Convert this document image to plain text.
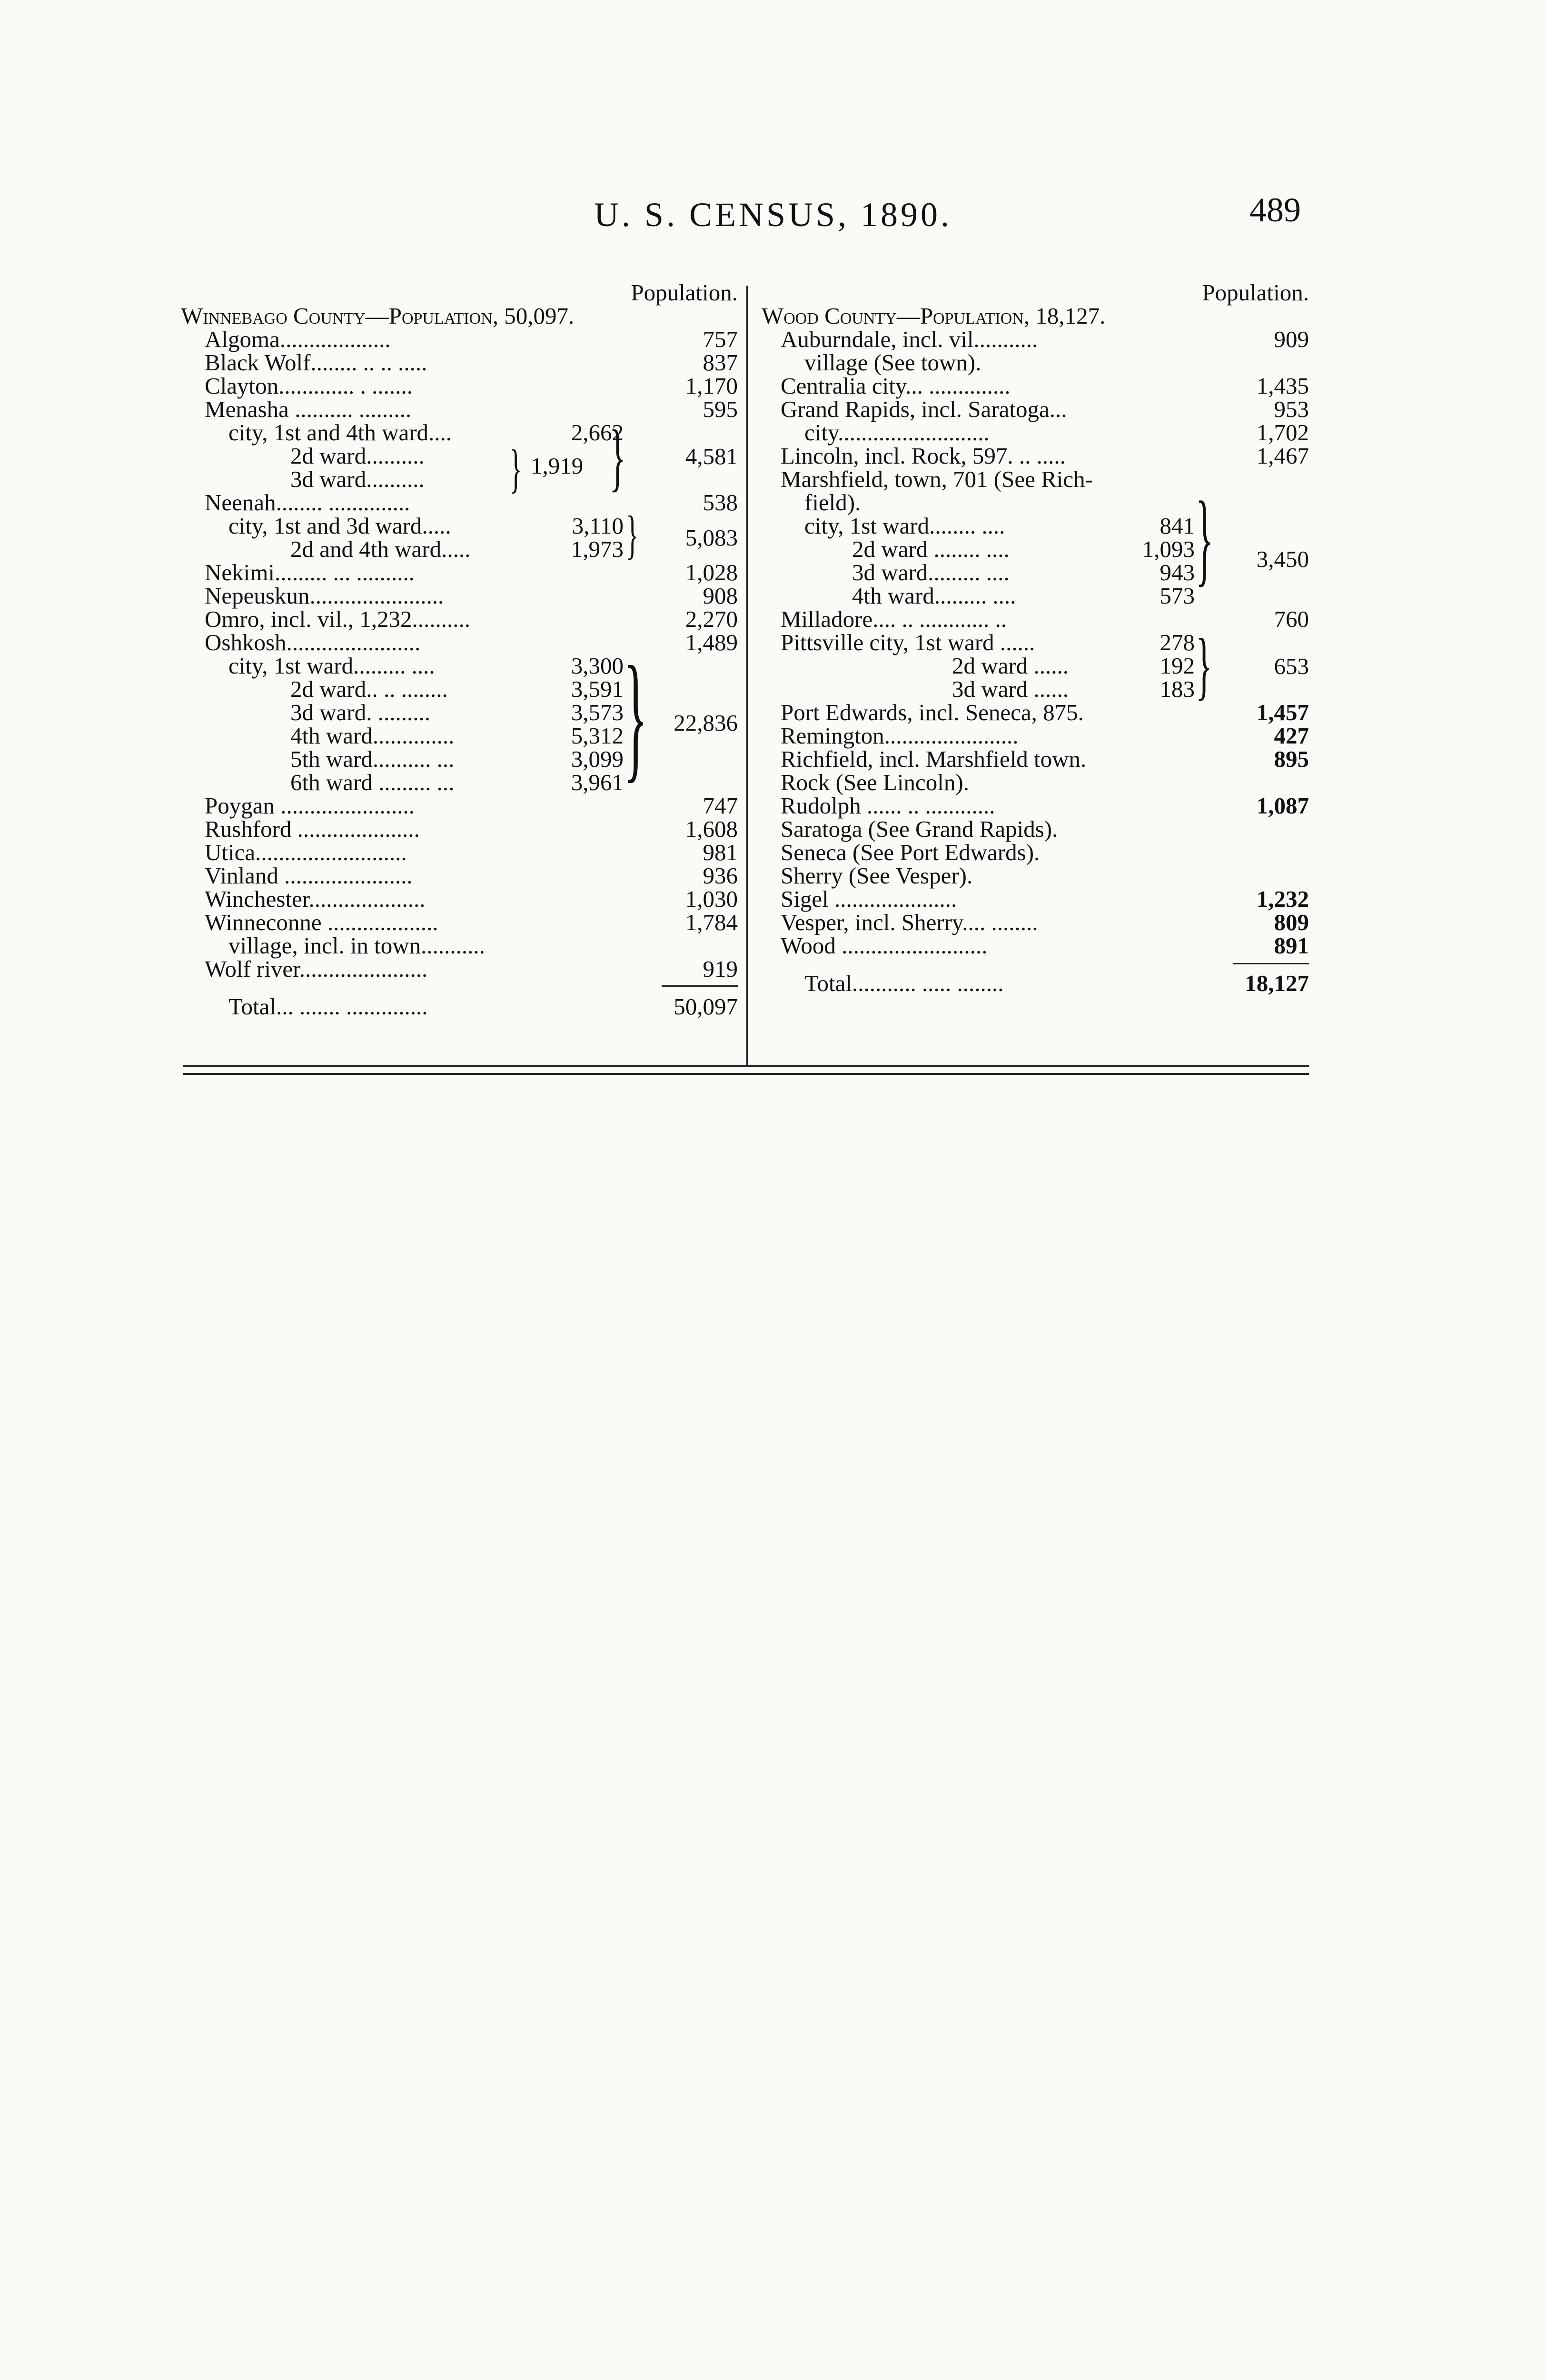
U. S. CENSUS, 1890.	489
Population.
Winnebago County—Population, 50,097.
Algoma...................	757
Black Wolf........ .. .. .....	837
Clayton............. . .......	1,170
Menasha .......... .........	595
city, 1st and 4th ward....	2,662
2d ward..........
3d ward.......... } 1,919 }	4,581
Neenah........ ..............	538
city, 1st and 3d ward.....	3,110
2d and 4th ward.....	1,973 } 5,083
Nekimi......... ... ..........	1,028
Nepeuskun.......................	908
Omro, incl. vil., 1,232..........	2,270
Oshkosh.......................	1,489
city, 1st ward......... ....	3,300
2d ward.. .. ........	3,591
3d ward. .........	3,573
4th ward..............	5,312
5th ward.......... ...	3,099
6th ward ......... ...	3,961 } 22,836
Poygan .......................	747
Rushford .....................	1,608
Utica..........................	981
Vinland ......................	936
Winchester....................	1,030
Winneconne ...................	1,784
village, incl. in town...........
Wolf river......................	919
Total... ....... ..............	50,097
Population.
Wood County—Population, 18,127.
Auburndale, incl. vil...........	909
village (See town).
Centralia city... ..............	1,435
Grand Rapids, incl. Saratoga...	953
city..........................	1,702
Lincoln, incl. Rock, 597. .. .....	1,467
Marshfield, town, 701 (See Rich-
field).
city, 1st ward........ ....	841
2d ward ........ ....	1,093
3d ward......... ....	943
4th ward......... ....	573 } 3,450
Milladore.... .. ............ ..	760
Pittsville city, 1st ward ......	278
2d ward ......	192
3d ward ......	183 }	653
Port Edwards, incl. Seneca, 875.	1,457
Remington.......................	427
Richfield, incl. Marshfield town.	895
Rock (See Lincoln).
Rudolph ...... .. ............	1,087
Saratoga (See Grand Rapids).
Seneca (See Port Edwards).
Sherry (See Vesper).
Sigel .....................	1,232
Vesper, incl. Sherry.... ........	809
Wood .........................	891
Total........... ..... ........	18,127
